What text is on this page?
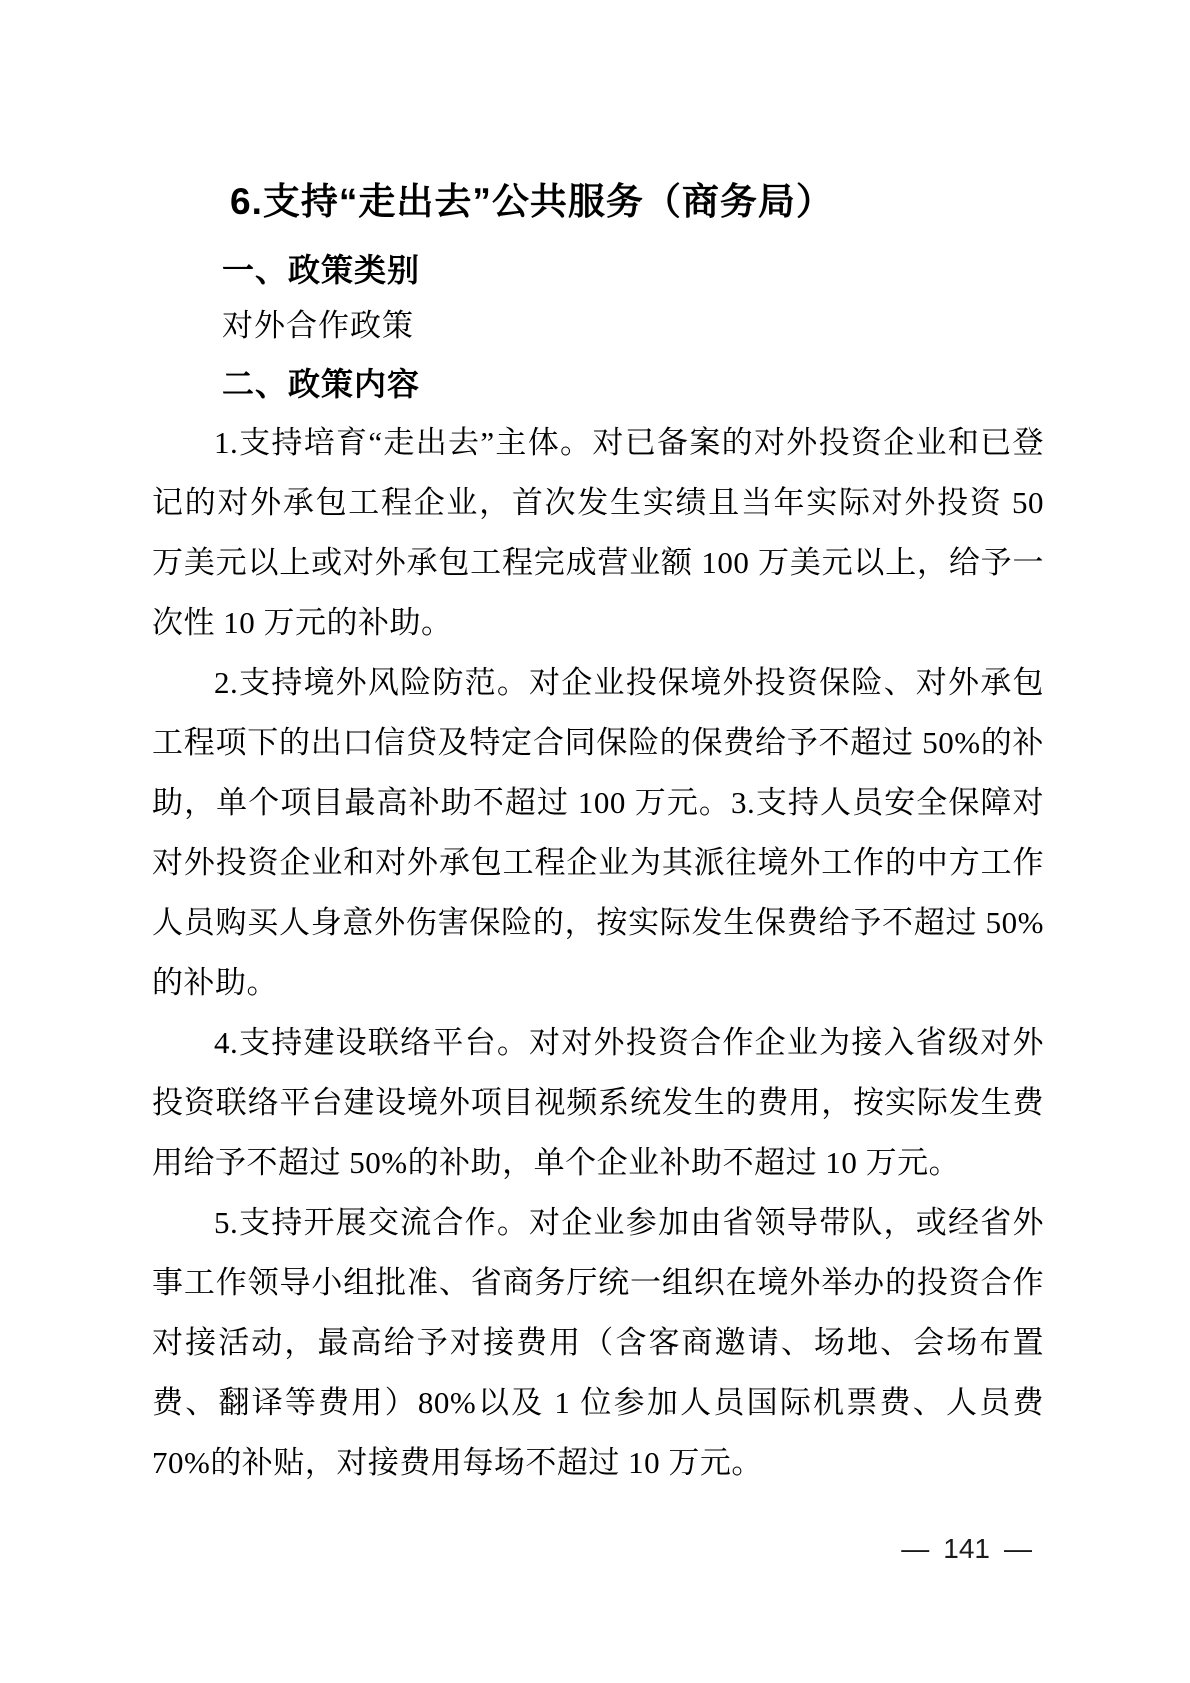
6.支持“走出去”公共服务（商务局）
一、政策类别
对外合作政策
二、政策内容

1.支持培育“走出去”主体。对已备案的对外投资企业和已登记的对外承包工程企业，首次发生实绩且当年实际对外投资 50 万美元以上或对外承包工程完成营业额 100 万美元以上，给予一次性 10 万元的补助。

2.支持境外风险防范。对企业投保境外投资保险、对外承包工程项下的出口信贷及特定合同保险的保费给予不超过 50%的补助，单个项目最高补助不超过 100 万元。3.支持人员安全保障对对外投资企业和对外承包工程企业为其派往境外工作的中方工作人员购买人身意外伤害保险的，按实际发生保费给予不超过 50%的补助。

4.支持建设联络平台。对对外投资合作企业为接入省级对外投资联络平台建设境外项目视频系统发生的费用，按实际发生费用给予不超过 50%的补助，单个企业补助不超过 10 万元。

5.支持开展交流合作。对企业参加由省领导带队，或经省外事工作领导小组批准、省商务厅统一组织在境外举办的投资合作对接活动，最高给予对接费用（含客商邀请、场地、会场布置费、翻译等费用）80%以及 1 位参加人员国际机票费、人员费 70%的补贴，对接费用每场不超过 10 万元。

— 141 —
